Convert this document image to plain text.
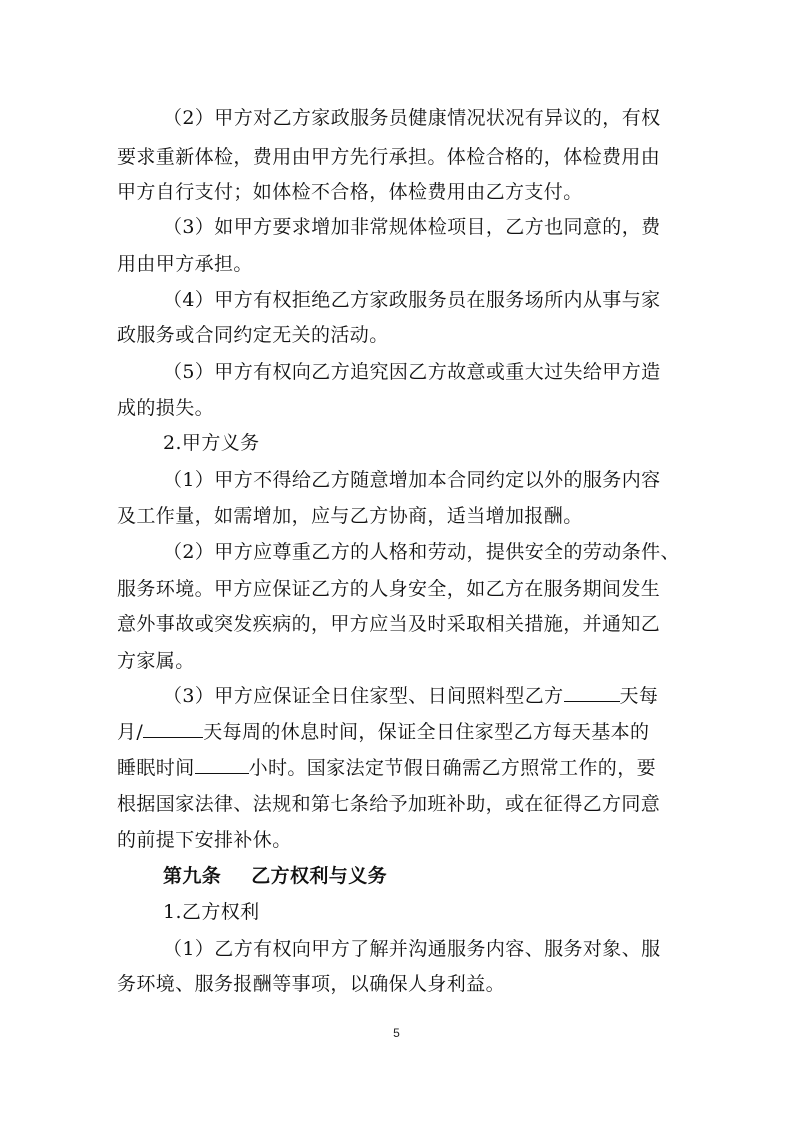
（2）甲方对乙方家政服务员健康情况状况有异议的，有权
要求重新体检，费用由甲方先行承担。体检合格的，体检费用由
甲方自行支付；如体检不合格，体检费用由乙方支付。
（3）如甲方要求增加非常规体检项目，乙方也同意的，费
用由甲方承担。
（4）甲方有权拒绝乙方家政服务员在服务场所内从事与家
政服务或合同约定无关的活动。
（5）甲方有权向乙方追究因乙方故意或重大过失给甲方造
成的损失。
2.甲方义务
（1）甲方不得给乙方随意增加本合同约定以外的服务内容
及工作量，如需增加，应与乙方协商，适当增加报酬。
（2）甲方应尊重乙方的人格和劳动，提供安全的劳动条件、
服务环境。甲方应保证乙方的人身安全，如乙方在服务期间发生
意外事故或突发疾病的，甲方应当及时采取相关措施，并通知乙
方家属。
（3）甲方应保证全日住家型、日间照料型乙方	天每
月/	天每周的休息时间，保证全日住家型乙方每天基本的
睡眠时间	小时。国家法定节假日确需乙方照常工作的，要
根据国家法律、法规和第七条给予加班补助，或在征得乙方同意
的前提下安排补休。
第九条 乙方权利与义务
1.乙方权利
（1）乙方有权向甲方了解并沟通服务内容、服务对象、服
务环境、服务报酬等事项，以确保人身利益。
5
